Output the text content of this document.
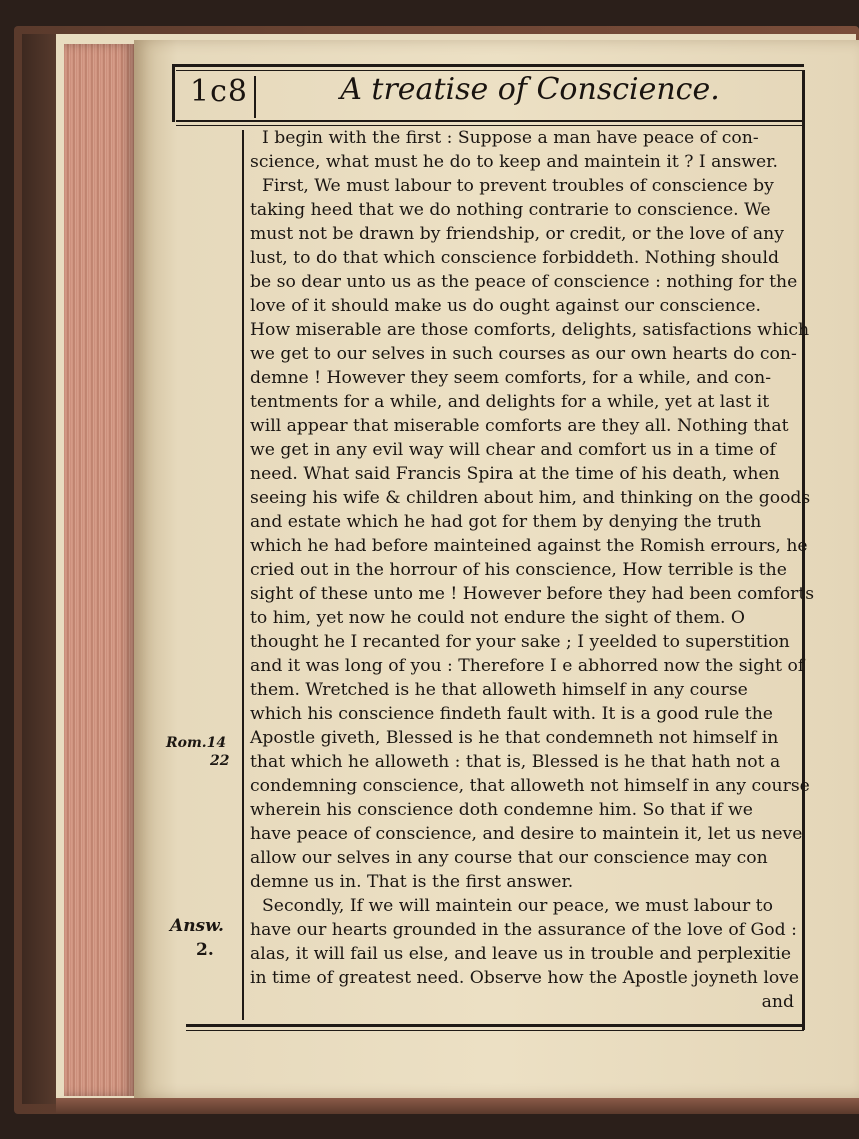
1c8	A treatise of Conscience.
Rom.14
22
Answ.
2.
I begin with the first : Suppose a man have peace of con-
science, what must he do to keep and maintein it ? I answer.
First, We must labour to prevent troubles of conscience by
taking heed that we do nothing contrarie to conscience. We
must not be drawn by friendship, or credit, or the love of any
lust, to do that which conscience forbiddeth. Nothing should
be so dear unto us as the peace of conscience : nothing for the
love of it should make us do ought against our conscience.
How miserable are those comforts, delights, satisfactions which
we get to our selves in such courses as our own hearts do con-
demne ! However they seem comforts, for a while, and con-
tentments for a while, and delights for a while, yet at last it
will appear that miserable comforts are they all. Nothing that
we get in any evil way will chear and comfort us in a time of
need. What said Francis Spira at the time of his death, when
seeing his wife & children about him, and thinking on the goods
and estate which he had got for them by denying the truth
which he had before mainteined against the Romish errours, he
cried out in the horrour of his conscience, How terrible is the
sight of these unto me ! However before they had been comforts
to him, yet now he could not endure the sight of them. O
thought he I recanted for your sake ; I yeelded to superstition
and it was long of you : Therefore I e abhorred now the sight of
them. Wretched is he that alloweth himself in any course
which his conscience findeth fault with. It is a good rule the
Apostle giveth, Blessed is he that condemneth not himself in
that which he alloweth : that is, Blessed is he that hath not a
condemning conscience, that alloweth not himself in any course
wherein his conscience doth condemne him. So that if we
have peace of conscience, and desire to maintein it, let us neve
allow our selves in any course that our conscience may con
demne us in. That is the first answer.
Secondly, If we will maintein our peace, we must labour to
have our hearts grounded in the assurance of the love of God :
alas, it will fail us else, and leave us in trouble and perplexitie
in time of greatest need. Observe how the Apostle joyneth love
and
